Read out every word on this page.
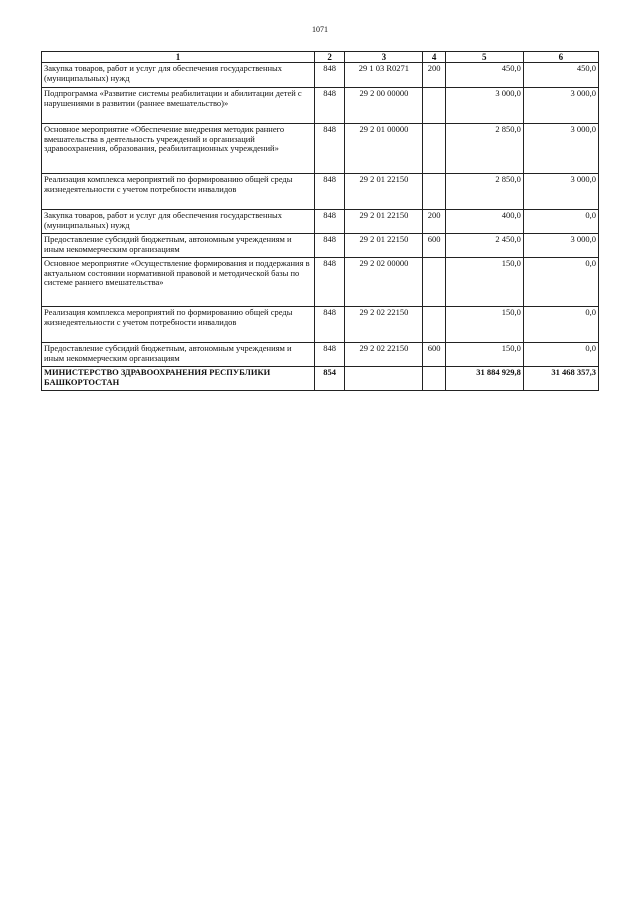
1071
1	2	3	4	5	6
Закупка товаров, работ и услуг для обеспечения государственных (муниципальных) нужд	848	29 1 03 R0271	200	450,0	450,0
Подпрограмма «Развитие системы реабилитации и абилитации детей с нарушениями в развитии (раннее вмешательство)»	848	29 2 00 00000		3 000,0	3 000,0
Основное мероприятие «Обеспечение внедрения методик раннего вмешательства в деятельность учреждений и организаций здравоохранения, образования, реабилитационных учреждений»	848	29 2 01 00000		2 850,0	3 000,0
Реализация комплекса мероприятий по формированию общей среды жизнедеятельности с учетом потребности инвалидов	848	29 2 01 22150		2 850,0	3 000,0
Закупка товаров, работ и услуг для обеспечения государственных (муниципальных) нужд	848	29 2 01 22150	200	400,0	0,0
Предоставление субсидий бюджетным, автономным учреждениям и иным некоммерческим организациям	848	29 2 01 22150	600	2 450,0	3 000,0
Основное мероприятие «Осуществление формирования и поддержания в актуальном состоянии нормативной правовой и методической базы по системе раннего вмешательства»	848	29 2 02 00000		150,0	0,0
Реализация комплекса мероприятий по формированию общей среды жизнедеятельности с учетом потребности инвалидов	848	29 2 02 22150		150,0	0,0
Предоставление субсидий бюджетным, автономным учреждениям и иным некоммерческим организациям	848	29 2 02 22150	600	150,0	0,0
МИНИСТЕРСТВО ЗДРАВООХРАНЕНИЯ РЕСПУБЛИКИ БАШКОРТОСТАН	854			31 884 929,8	31 468 357,3
